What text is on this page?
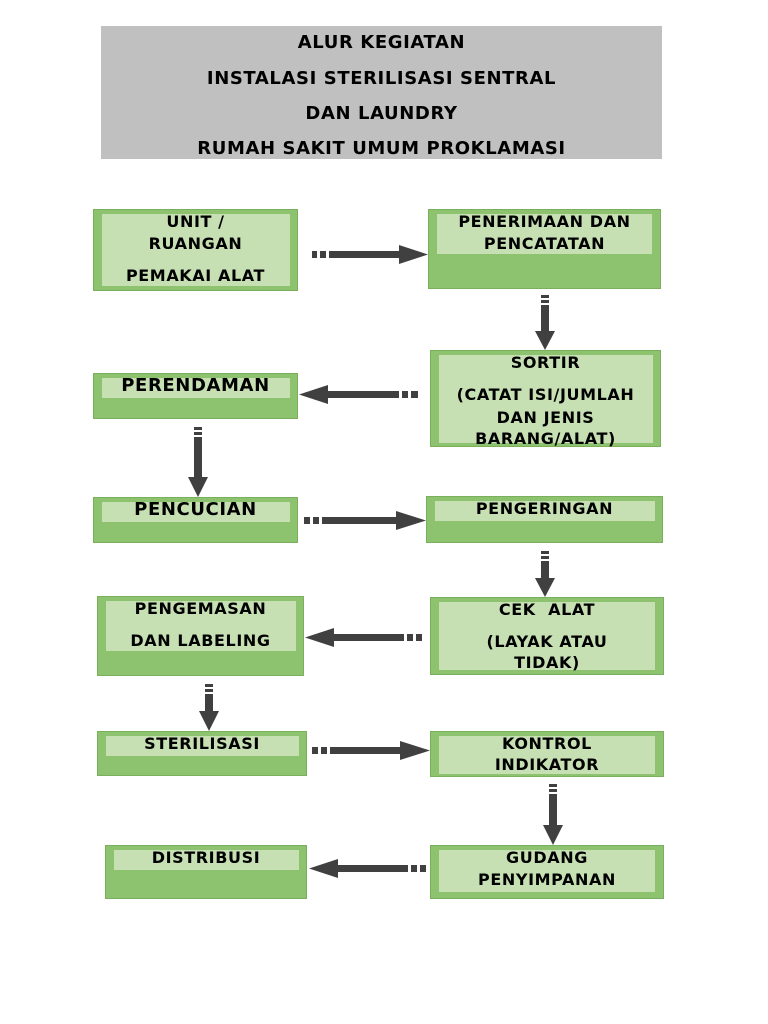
ALUR KEGIATAN
INSTALASI STERILISASI SENTRAL
DAN LAUNDRY
RUMAH SAKIT UMUM PROKLAMASI
UNIT /
RUANGAN
PEMAKAI ALAT
PENERIMAAN DAN
PENCATATAN
SORTIR
(CATAT ISI/JUMLAH
DAN JENIS
BARANG/ALAT)
PERENDAMAN
PENCUCIAN	PENGERINGAN
PENGEMASAN
DAN LABELING
CEK  ALAT
(LAYAK ATAU
TIDAK)
STERILISASI	KONTROL
INDIKATOR
DISTRIBUSI	GUDANG
PENYIMPANAN
